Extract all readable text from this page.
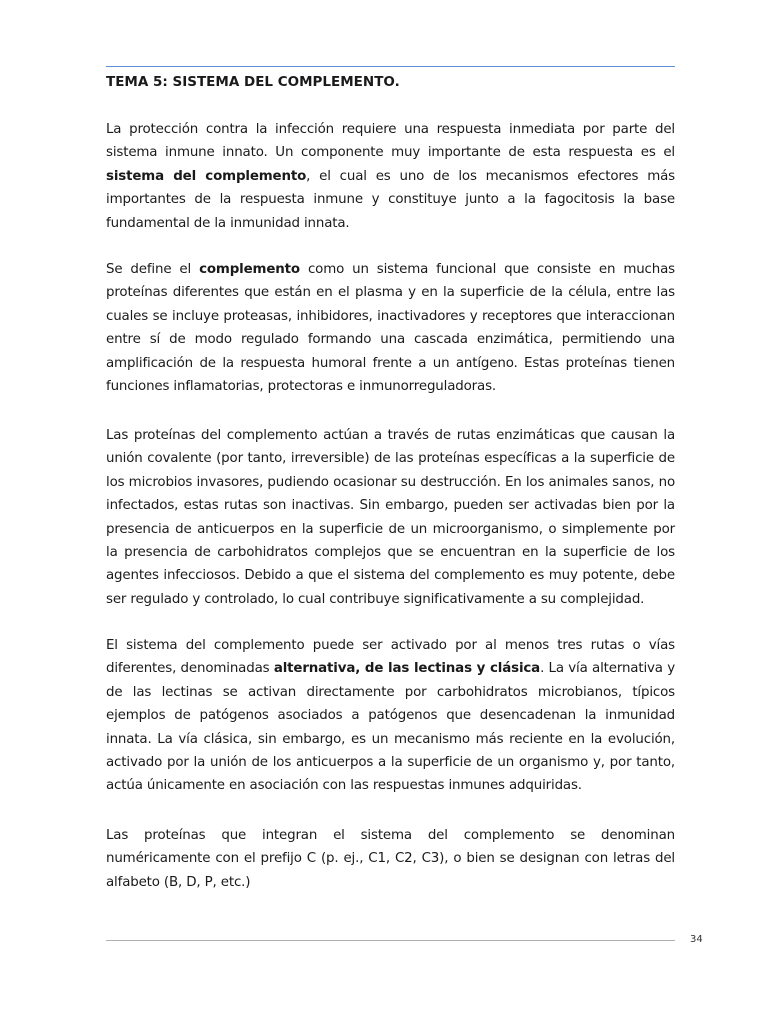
TEMA 5: SISTEMA DEL COMPLEMENTO.

La protección contra la infección requiere una respuesta inmediata por parte del sistema inmune innato. Un componente muy importante de esta respuesta es el sistema del complemento, el cual es uno de los mecanismos efectores más importantes de la respuesta inmune y constituye junto a la fagocitosis la base fundamental de la inmunidad innata.

Se define el complemento como un sistema funcional que consiste en muchas proteínas diferentes que están en el plasma y en la superficie de la célula, entre las cuales se incluye proteasas, inhibidores, inactivadores y receptores que interaccionan entre sí de modo regulado formando una cascada enzimática, permitiendo una amplificación de la respuesta humoral frente a un antígeno. Estas proteínas tienen funciones inflamatorias, protectoras e inmunorreguladoras.

Las proteínas del complemento actúan a través de rutas enzimáticas que causan la unión covalente (por tanto, irreversible) de las proteínas específicas a la superficie de los microbios invasores, pudiendo ocasionar su destrucción. En los animales sanos, no infectados, estas rutas son inactivas. Sin embargo, pueden ser activadas bien por la presencia de anticuerpos en la superficie de un microorganismo, o simplemente por la presencia de carbohidratos complejos que se encuentran en la superficie de los agentes infecciosos. Debido a que el sistema del complemento es muy potente, debe ser regulado y controlado, lo cual contribuye significativamente a su complejidad.

El sistema del complemento puede ser activado por al menos tres rutas o vías diferentes, denominadas alternativa, de las lectinas y clásica. La vía alternativa y de las lectinas se activan directamente por carbohidratos microbianos, típicos ejemplos de patógenos asociados a patógenos que desencadenan la inmunidad innata. La vía clásica, sin embargo, es un mecanismo más reciente en la evolución, activado por la unión de los anticuerpos a la superficie de un organismo y, por tanto, actúa únicamente en asociación con las respuestas inmunes adquiridas.

Las proteínas que integran el sistema del complemento se denominan numéricamente con el prefijo C (p. ej., C1, C2, C3), o bien se designan con letras del alfabeto (B, D, P, etc.)

34
